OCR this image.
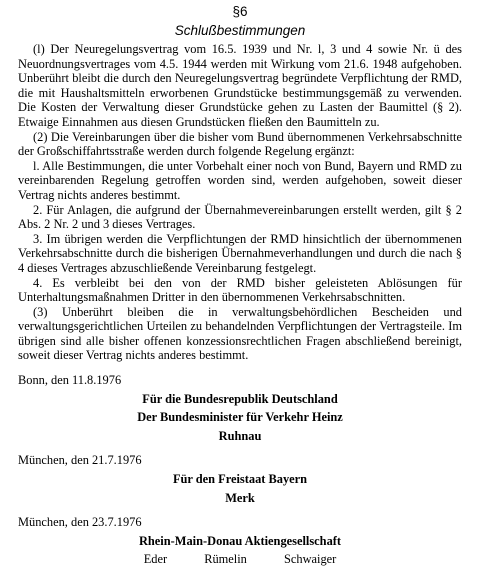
§6
Schlußbestimmungen

(l) Der Neuregelungsvertrag vom 16.5. 1939 und Nr. l, 3 und 4 sowie Nr. ü des Neuordnungsvertrages vom 4.5. 1944 werden mit Wirkung vom 21.6. 1948 aufgehoben. Unberührt bleibt die durch den Neuregelungsvertrag begründete Verpflichtung der RMD, die mit Haushaltsmitteln erworbenen Grundstücke bestimmungsgemäß zu verwenden. Die Kosten der Verwaltung dieser Grundstücke gehen zu Lasten der Baumittel (§ 2). Etwaige Einnahmen aus diesen Grundstücken fließen den Baumitteln zu.

(2) Die Vereinbarungen über die bisher vom Bund übernommenen Verkehrsabschnitte der Großschiffahrtsstraße werden durch folgende Regelung ergänzt:

l. Alle Bestimmungen, die unter Vorbehalt einer noch von Bund, Bayern und RMD zu vereinbarenden Regelung getroffen worden sind, werden aufgehoben, soweit dieser Vertrag nichts anderes bestimmt.

2. Für Anlagen, die aufgrund der Übernahmevereinbarungen erstellt werden, gilt § 2 Abs. 2 Nr. 2 und 3 dieses Vertrages.

3. Im übrigen werden die Verpflichtungen der RMD hinsichtlich der übernommenen Verkehrsabschnitte durch die bisherigen Übernahmeverhandlungen und durch die nach § 4 dieses Vertrages abzuschließende Vereinbarung festgelegt.

4. Es verbleibt bei den von der RMD bisher geleisteten Ablösungen für Unterhaltungsmaßnahmen Dritter in den übernommenen Verkehrsabschnitten.

(3) Unberührt bleiben die in verwaltungsbehördlichen Bescheiden und verwaltungsgerichtlichen Urteilen zu behandelnden Verpflichtungen der Vertragsteile. Im übrigen sind alle bisher offenen konzessionsrechtlichen Fragen abschließend bereinigt, soweit dieser Vertrag nichts anderes bestimmt.

Bonn, den 11.8.1976

Für die Bundesrepublik Deutschland
Der Bundesminister für Verkehr Heinz
Ruhnau

München, den 21.7.1976

Für den Freistaat Bayern
Merk

München, den 23.7.1976

Rhein-Main-Donau Aktiengesellschaft
Eder	Rümelin	Schwaiger
